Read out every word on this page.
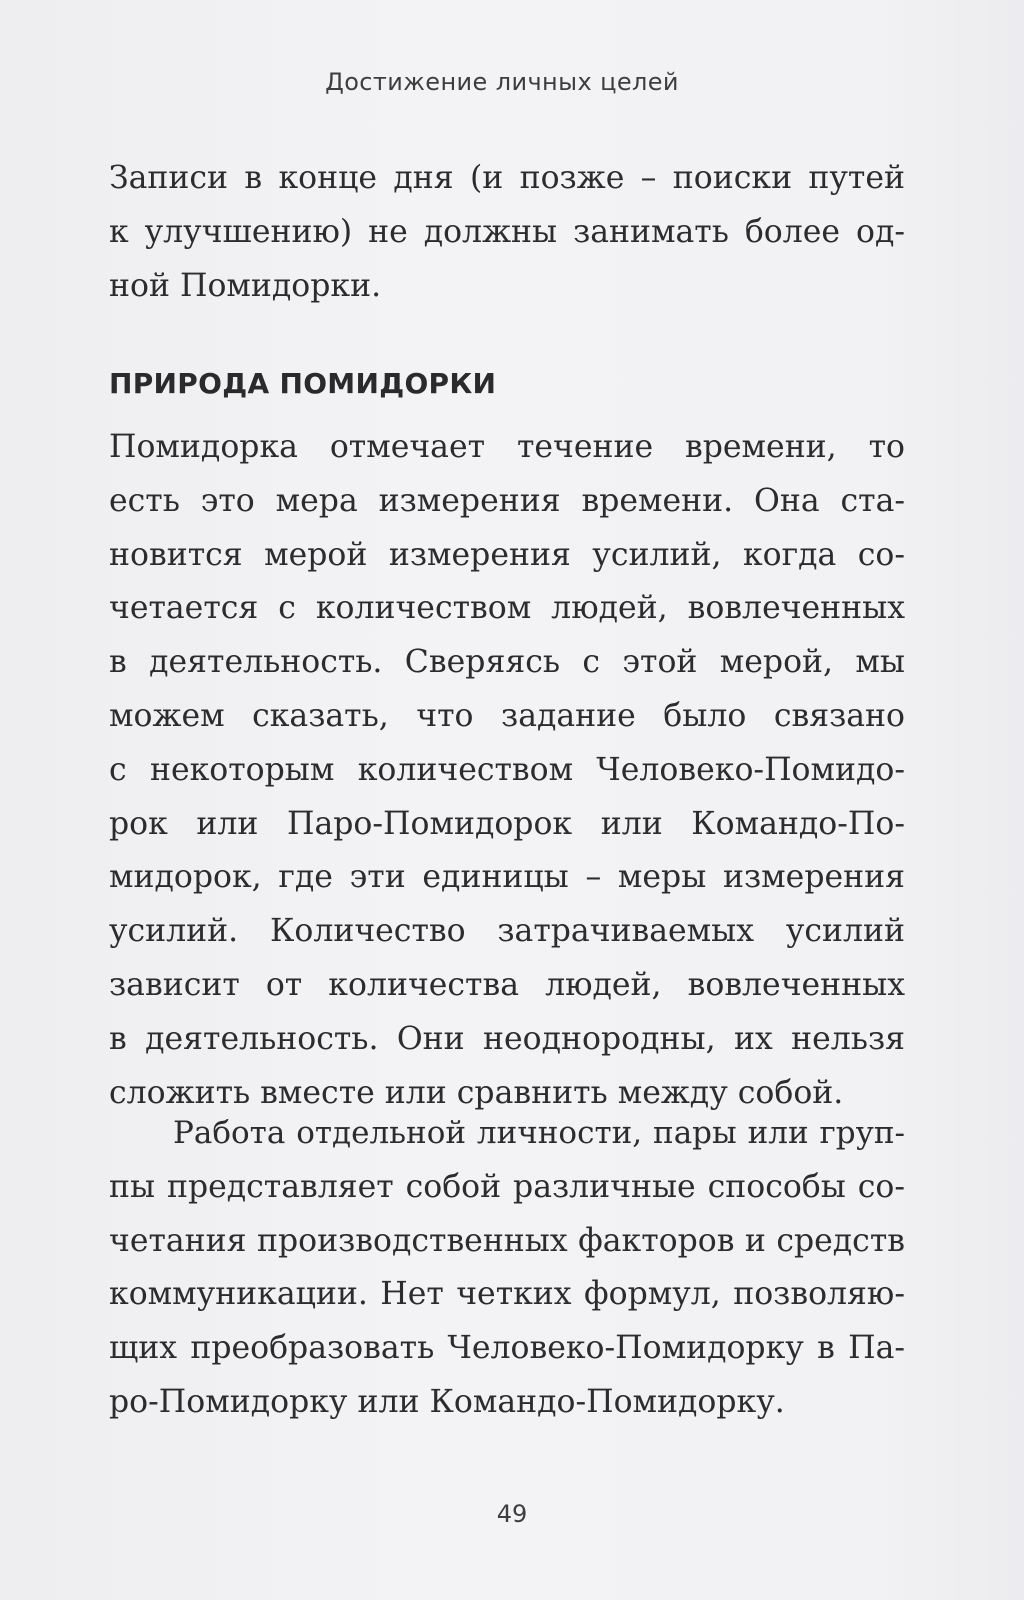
Достижение личных целей
Записи в конце дня (и позже – поиски путей
к улучшению) не должны занимать более од-
ной Помидорки.
ПРИРОДА ПОМИДОРКИ
Помидорка отмечает течение времени, то
есть это мера измерения времени. Она ста-
новится мерой измерения усилий, когда со-
четается с количеством людей, вовлеченных
в деятельность. Сверяясь с этой мерой, мы
можем сказать, что задание было связано
с некоторым количеством Человеко-Помидо-
рок или Паро-Помидорок или Командо-По-
мидорок, где эти единицы – меры измерения
усилий. Количество затрачиваемых усилий
зависит от количества людей, вовлеченных
в деятельность. Они неоднородны, их нельзя
сложить вместе или сравнить между собой.
Работа отдельной личности, пары или груп-
пы представляет собой различные способы со-
четания производственных факторов и средств
коммуникации. Нет четких формул, позволяю-
щих преобразовать Человеко-Помидорку в Па-
ро-Помидорку или Командо-Помидорку.
49
